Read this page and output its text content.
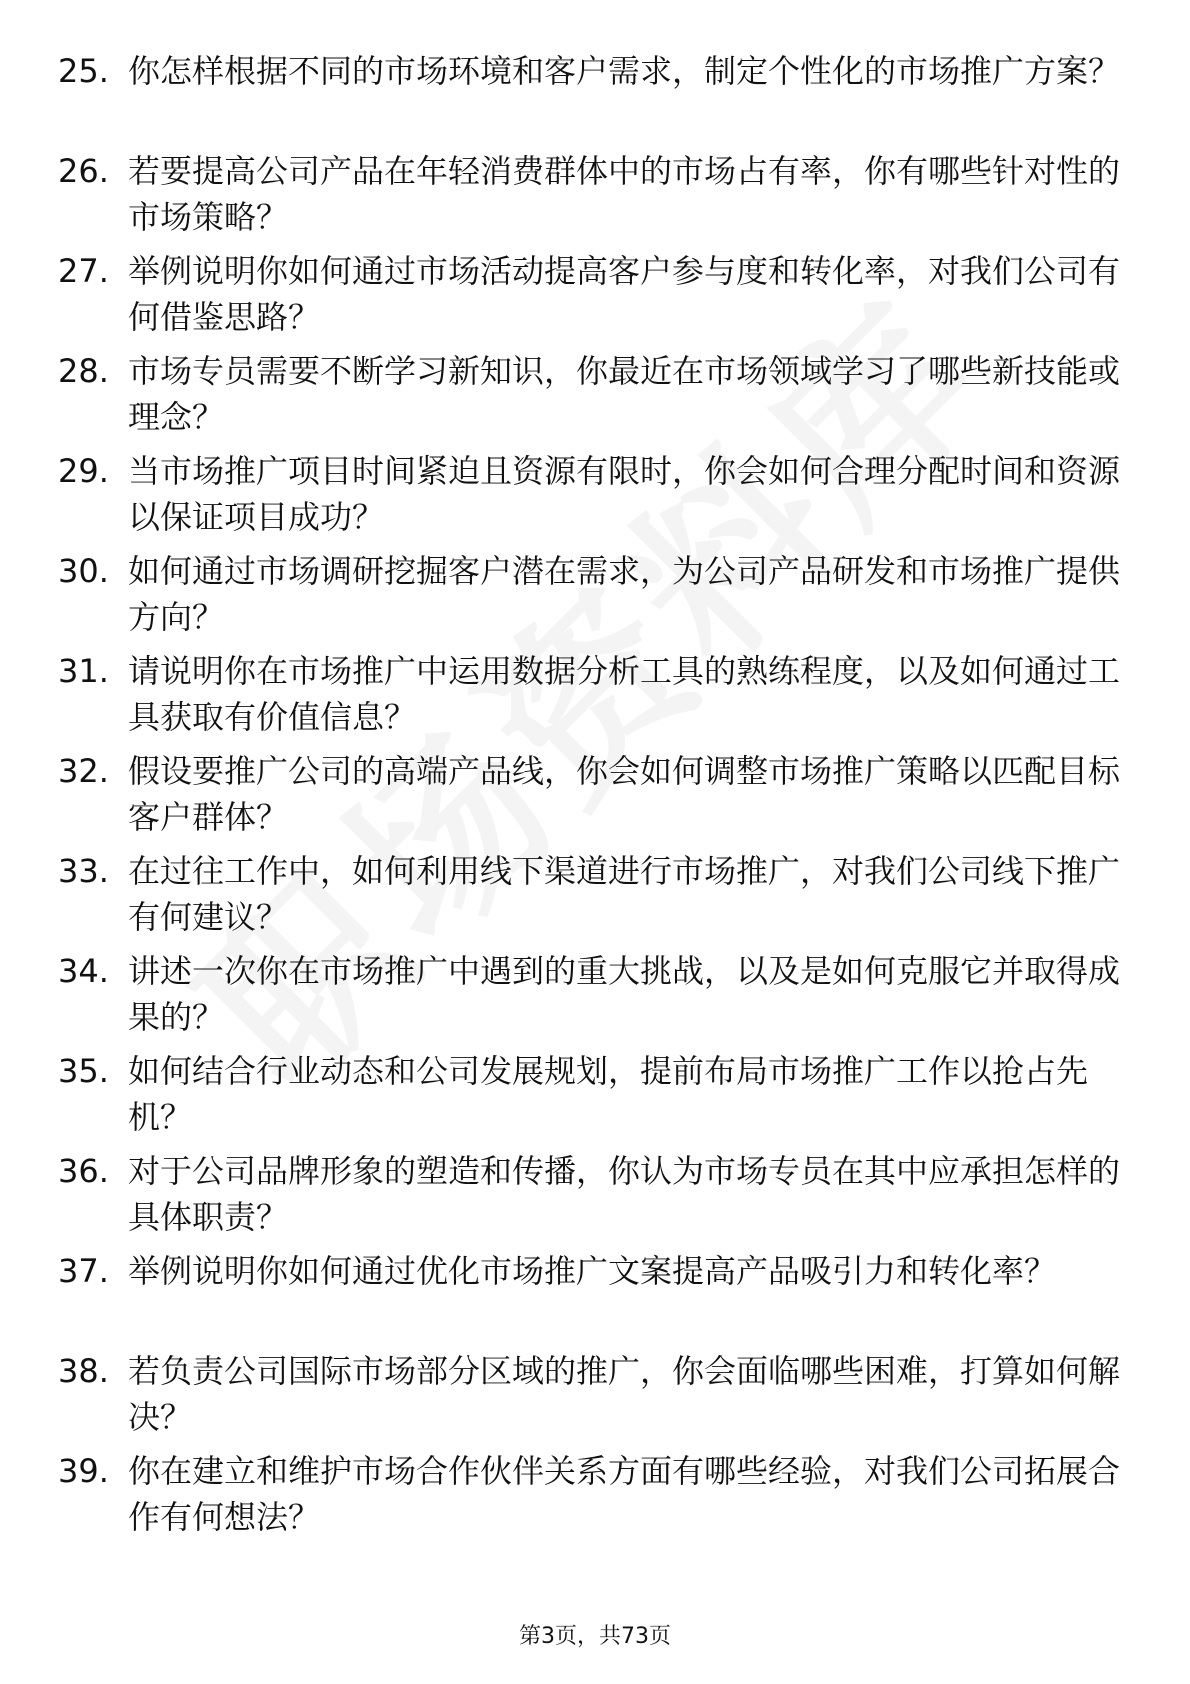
25. 你怎样根据不同的市场环境和客户需求，制定个性化的市场推广方案？
26. 若要提高公司产品在年轻消费群体中的市场占有率，你有哪些针对性的市场策略？
27. 举例说明你如何通过市场活动提高客户参与度和转化率，对我们公司有何借鉴思路？
28. 市场专员需要不断学习新知识，你最近在市场领域学习了哪些新技能或理念？
29. 当市场推广项目时间紧迫且资源有限时，你会如何合理分配时间和资源以保证项目成功？
30. 如何通过市场调研挖掘客户潜在需求，为公司产品研发和市场推广提供方向？
31. 请说明你在市场推广中运用数据分析工具的熟练程度，以及如何通过工具获取有价值信息？
32. 假设要推广公司的高端产品线，你会如何调整市场推广策略以匹配目标客户群体？
33. 在过往工作中，如何利用线下渠道进行市场推广，对我们公司线下推广有何建议？
34. 讲述一次你在市场推广中遇到的重大挑战，以及是如何克服它并取得成果的？
35. 如何结合行业动态和公司发展规划，提前布局市场推广工作以抢占先机？
36. 对于公司品牌形象的塑造和传播，你认为市场专员在其中应承担怎样的具体职责？
37. 举例说明你如何通过优化市场推广文案提高产品吸引力和转化率？
38. 若负责公司国际市场部分区域的推广，你会面临哪些困难，打算如何解决？
39. 你在建立和维护市场合作伙伴关系方面有哪些经验，对我们公司拓展合作有何想法？
第3页，共73页
